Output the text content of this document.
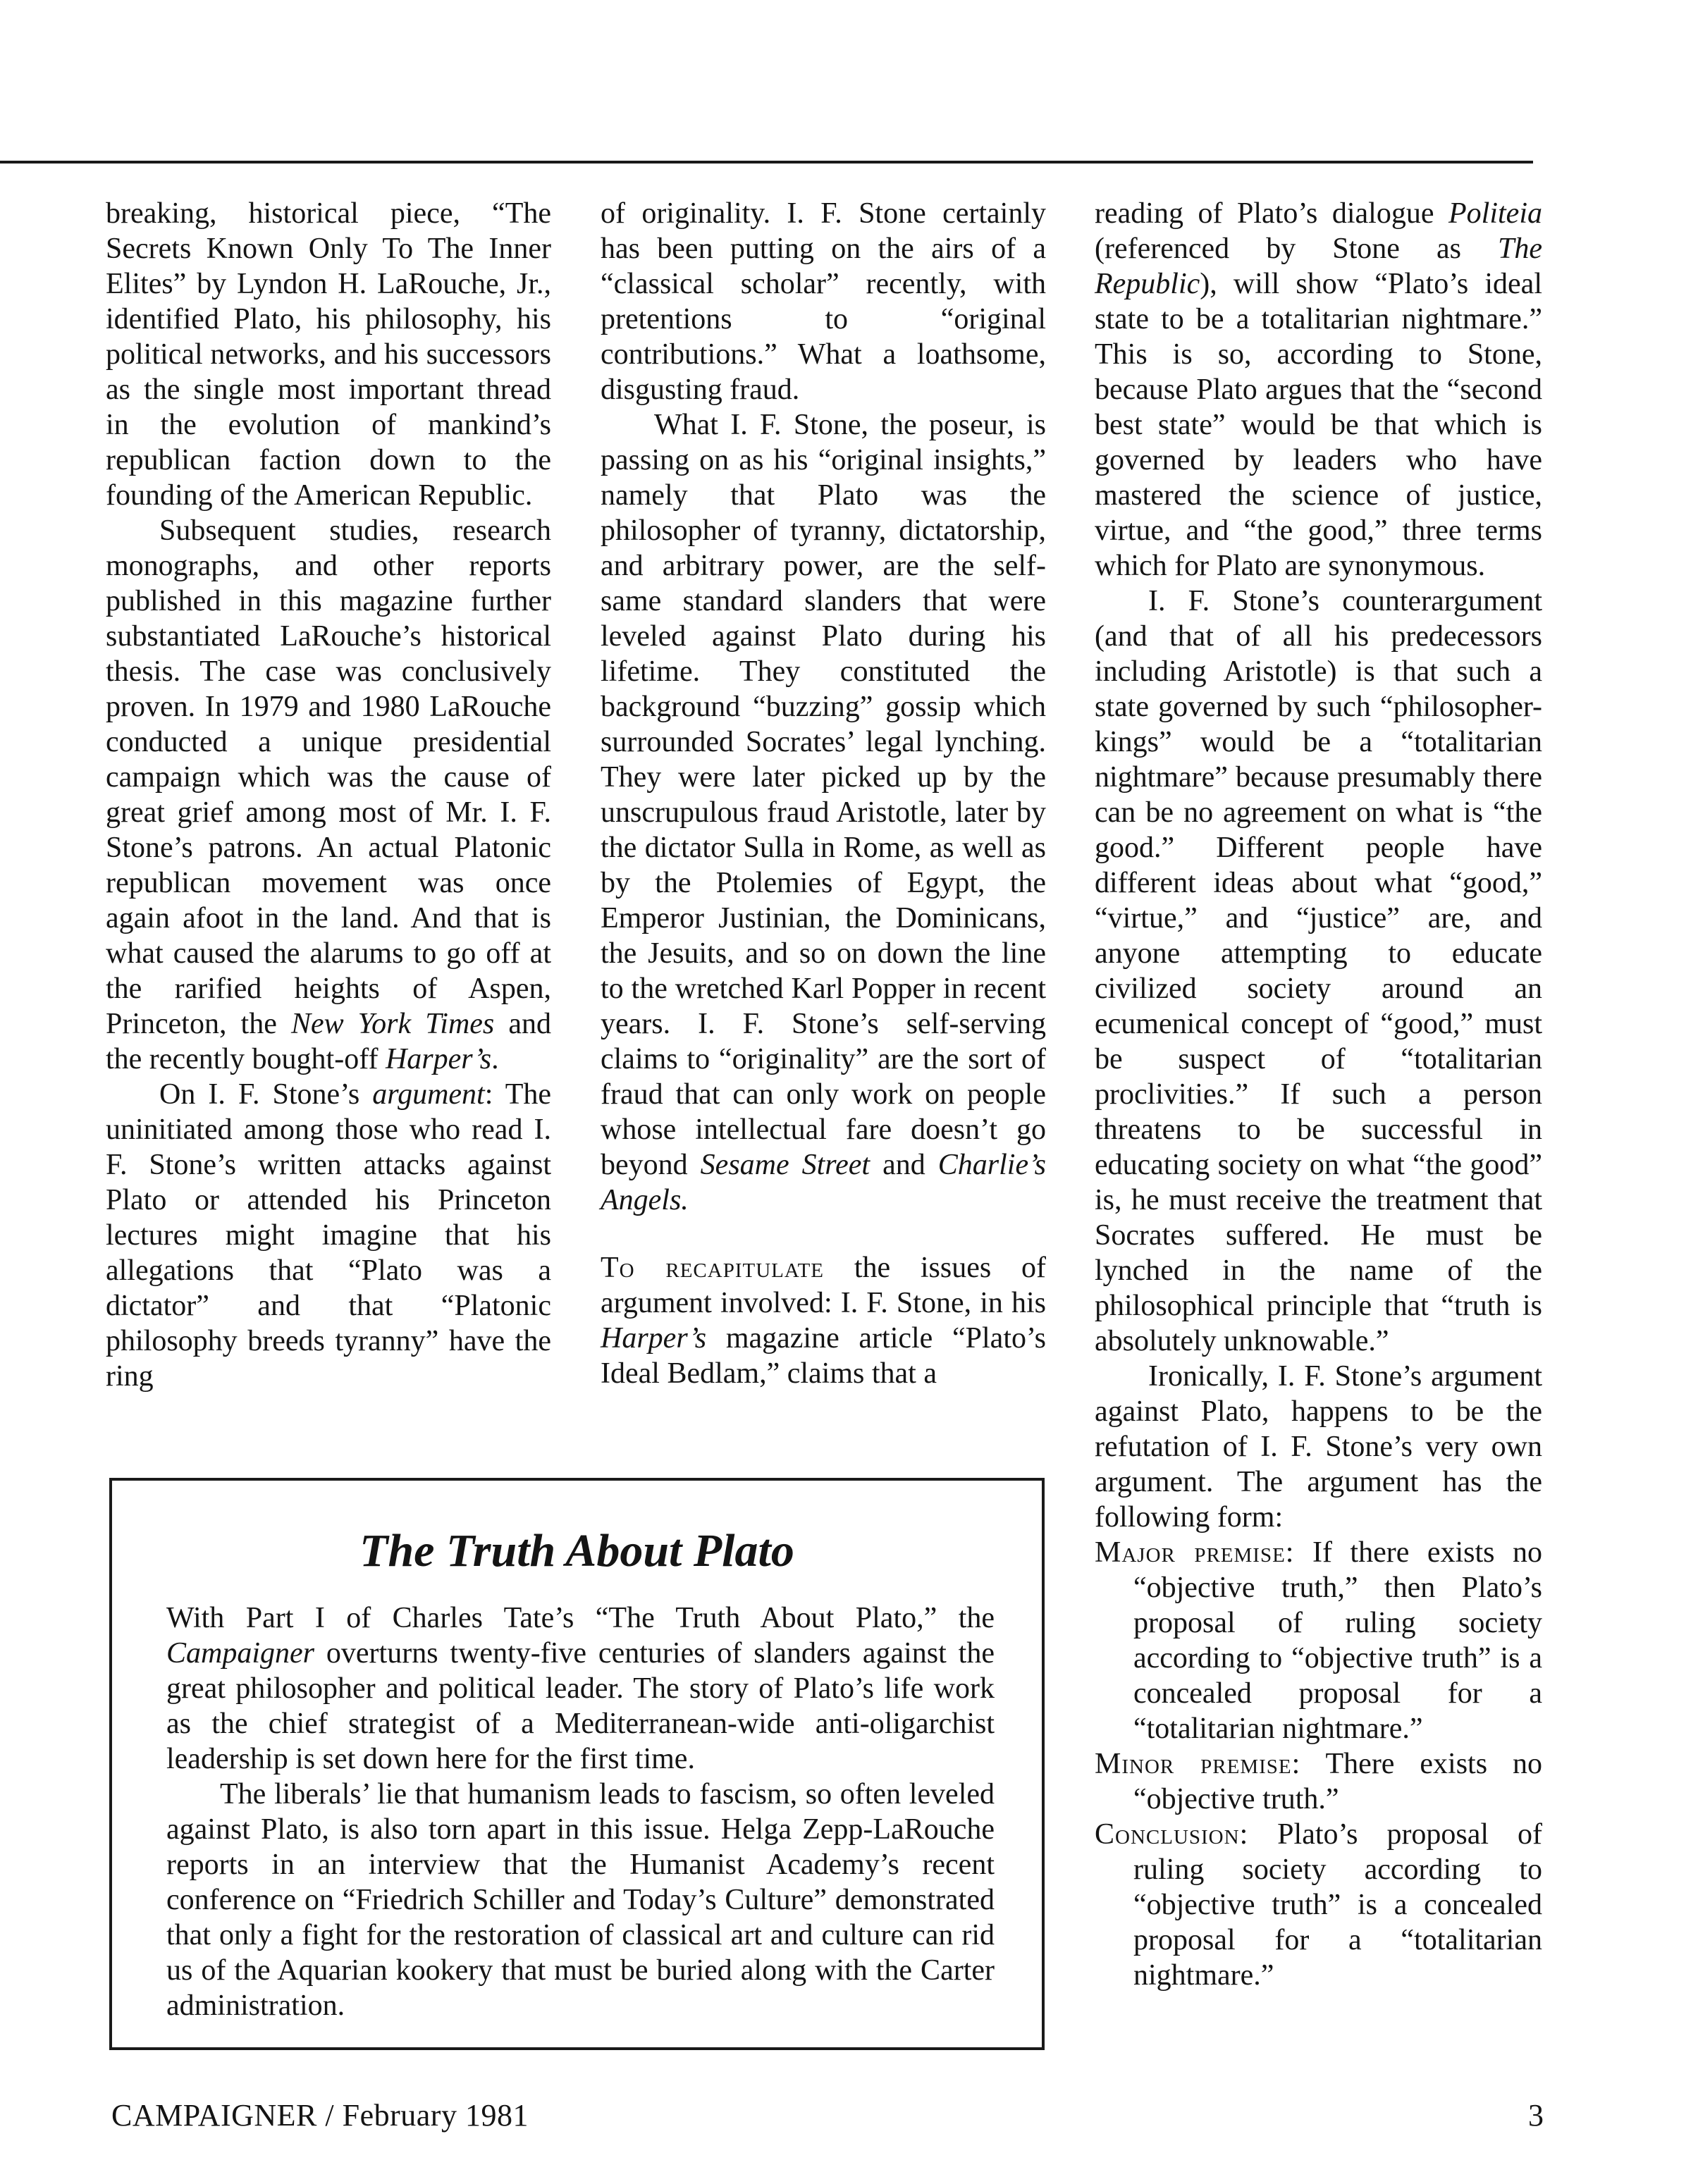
breaking, historical piece, “The Secrets Known Only To The Inner Elites” by Lyndon H. LaRouche, Jr., identified Plato, his philosophy, his political networks, and his successors as the single most important thread in the evolution of mankind’s republican faction down to the founding of the American Republic.

Subsequent studies, research monographs, and other reports published in this magazine further substantiated LaRouche’s historical thesis. The case was conclusively proven. In 1979 and 1980 LaRouche conducted a unique presidential campaign which was the cause of great grief among most of Mr. I. F. Stone’s patrons. An actual Platonic republican movement was once again afoot in the land. And that is what caused the alarums to go off at the rarified heights of Aspen, Princeton, the New York Times and the recently bought-off Harper’s.

On I. F. Stone’s argument: The uninitiated among those who read I. F. Stone’s written attacks against Plato or attended his Princeton lectures might imagine that his allegations that “Plato was a dictator” and that “Platonic philosophy breeds tyranny” have the ring

of originality. I. F. Stone certainly has been putting on the airs of a “classical scholar” recently, with pretentions to “original contributions.” What a loathsome, disgusting fraud.

What I. F. Stone, the poseur, is passing on as his “original insights,” namely that Plato was the philosopher of tyranny, dictatorship, and arbitrary power, are the self-same standard slanders that were leveled against Plato during his lifetime. They constituted the background “buzzing” gossip which surrounded Socrates’ legal lynching. They were later picked up by the unscrupulous fraud Aristotle, later by the dictator Sulla in Rome, as well as by the Ptolemies of Egypt, the Emperor Justinian, the Dominicans, the Jesuits, and so on down the line to the wretched Karl Popper in recent years. I. F. Stone’s self-serving claims to “originality” are the sort of fraud that can only work on people whose intellectual fare doesn’t go beyond Sesame Street and Charlie’s Angels.

To recapitulate the issues of argument involved: I. F. Stone, in his Harper’s magazine article “Plato’s Ideal Bedlam,” claims that a

reading of Plato’s dialogue Politeia (referenced by Stone as The Republic), will show “Plato’s ideal state to be a totalitarian nightmare.” This is so, according to Stone, because Plato argues that the “second best state” would be that which is governed by leaders who have mastered the science of justice, virtue, and “the good,” three terms which for Plato are synonymous.

I. F. Stone’s counterargument (and that of all his predecessors including Aristotle) is that such a state governed by such “philosopher-kings” would be a “totalitarian nightmare” because presumably there can be no agreement on what is “the good.” Different people have different ideas about what “good,” “virtue,” and “justice” are, and anyone attempting to educate civilized society around an ecumenical concept of “good,” must be suspect of “totalitarian proclivities.” If such a person threatens to be successful in educating society on what “the good” is, he must receive the treatment that Socrates suffered. He must be lynched in the name of the philosophical principle that “truth is absolutely unknowable.”

Ironically, I. F. Stone’s argument against Plato, happens to be the refutation of I. F. Stone’s very own argument. The argument has the following form:

Major premise: If there exists no “objective truth,” then Plato’s proposal of ruling society according to “objective truth” is a concealed proposal for a “totalitarian nightmare.”

Minor premise: There exists no “objective truth.”

Conclusion: Plato’s proposal of ruling society according to “objective truth” is a concealed proposal for a “totalitarian nightmare.”

The Truth About Plato

With Part I of Charles Tate’s “The Truth About Plato,” the Campaigner overturns twenty-five centuries of slanders against the great philosopher and political leader. The story of Plato’s life work as the chief strategist of a Mediterranean-wide anti-oligarchist leadership is set down here for the first time.

The liberals’ lie that humanism leads to fascism, so often leveled against Plato, is also torn apart in this issue. Helga Zepp-LaRouche reports in an interview that the Humanist Academy’s recent conference on “Friedrich Schiller and Today’s Culture” demonstrated that only a fight for the restoration of classical art and culture can rid us of the Aquarian kookery that must be buried along with the Carter administration.

CAMPAIGNER / February 1981	3
